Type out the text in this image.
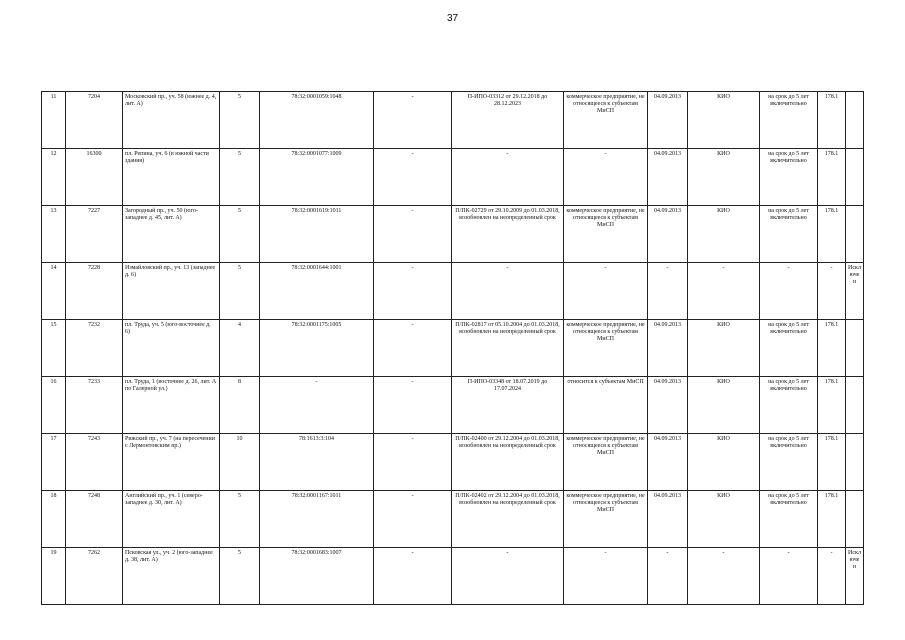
37
11	7204	Московский пр., уч. 58 (южнее д. 4, лит. А)	5	78:32:0001059:1048	-	П-ИПО-03312 от 29.12.2018 до 28.12.2023	коммерческое предприятие, не относящееся к субъектам МиСП	04.09.2013	КИО	на срок до 5 лет включительно	178.1	
12	16300	пл. Репина, уч. 6 (в южной части здания)	5	78:32:0001077:1009	-	-	-	04.09.2013	КИО	на срок до 5 лет включительно	178.1	
13	7227	Загородный пр., уч. 50 (юго-западнее д. 45, лит. А)	5	78:32:0001619:1011	-	П/ПК-02729 от 29.10.2009 до 01.03.2018, возобновлен на неопределенный срок	коммерческое предприятие, не относящееся к субъектам МиСП	04.09.2013	КИО	на срок до 5 лет включительно	178.1	
14	7228	Измайловский пр., уч. 13 (западнее д. 6)	5	78:32:0001644:1001	-	-	-	-	-	-	-	Исключен
15	7232	пл. Труда, уч. 5 (юго-восточнее д. 6)	4	78:32:0001175:1005	-	П/ПК-02817 от 05.10.2004 до 01.03.2018, возобновлен на неопределенный срок	коммерческое предприятие, не относящееся к субъектам МиСП	04.09.2013	КИО	на срок до 5 лет включительно	178.1	
16	7233	пл. Труда, 1 (восточнее д. 26, лит. А по Галерной ул.)	8	-	-	П-ИПО-03348 от 18.07.2019 до 17.07.2024	относится к субъектам МиСП	04.09.2013	КИО	на срок до 5 лет включительно	178.1	
17	7243	Рижский пр., уч. 7 (на пересечении с Лермонтовским пр.)	10	78:1613:3:104	-	П/ПК-02400 от 29.12.2004 до 01.03.2018, возобновлен на неопределенный срок	коммерческое предприятие, не относящееся к субъектам МиСП	04.09.2013	КИО	на срок до 5 лет включительно	178.1	
18	7248	Английский пр., уч. 1 (северо-западнее д. 30, лит. А)	5	78:32:0001167:1011	-	П/ПК-02402 от 29.12.2004 до 01.03.2018, возобновлен на неопределенный срок	коммерческое предприятие, не относящееся к субъектам МиСП	04.09.2013	КИО	на срок до 5 лет включительно	178.1	
19	7262	Псковская ул., уч. 2 (юго-западнее д. 38, лит. А)	5	78:32:0001683:1007	-	-	-	-	-	-	-	Исключен
